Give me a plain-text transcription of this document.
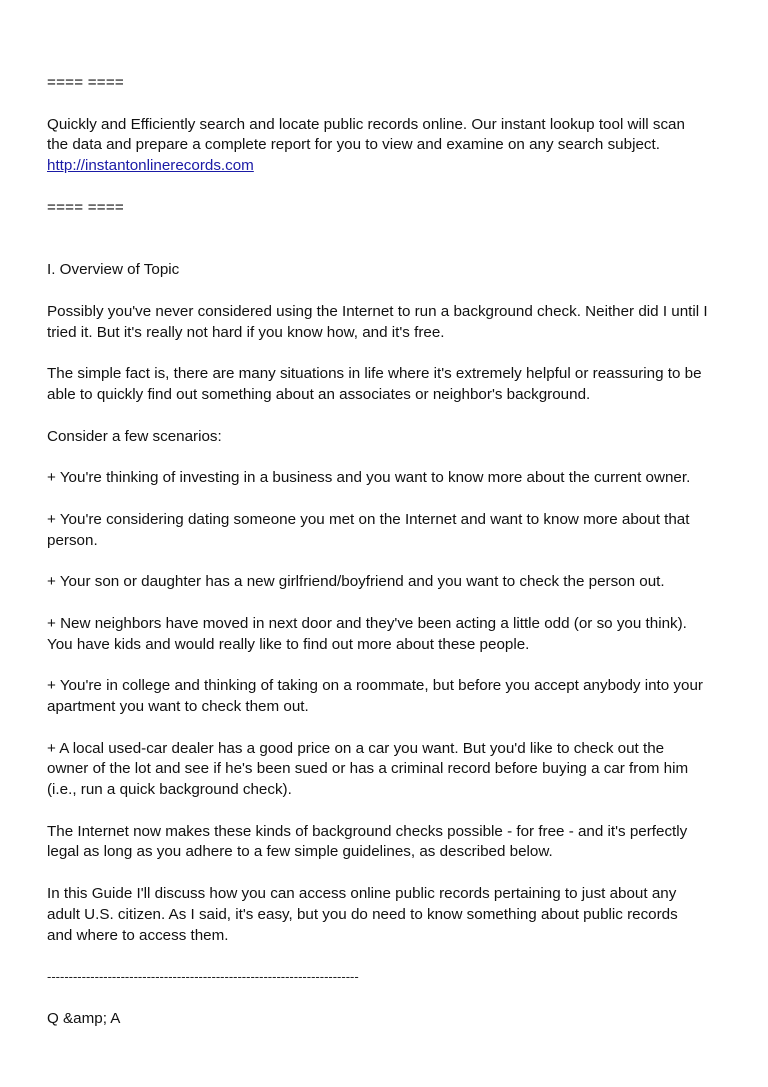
==== ====
Quickly and Efficiently search and locate public records online. Our instant lookup tool will scan
the data and prepare a complete report for you to view and examine on any search subject.
http://instantonlinerecords.com
==== ====
I. Overview of Topic
Possibly you've never considered using the Internet to run a background check. Neither did I until I
tried it. But it's really not hard if you know how, and it's free.
The simple fact is, there are many situations in life where it's extremely helpful or reassuring to be
able to quickly find out something about an associates or neighbor's background.
Consider a few scenarios:
+ You're thinking of investing in a business and you want to know more about the current owner.
+ You're considering dating someone you met on the Internet and want to know more about that
person.
+ Your son or daughter has a new girlfriend/boyfriend and you want to check the person out.
+ New neighbors have moved in next door and they've been acting a little odd (or so you think).
You have kids and would really like to find out more about these people.
+ You're in college and thinking of taking on a roommate, but before you accept anybody into your
apartment you want to check them out.
+ A local used-car dealer has a good price on a car you want. But you'd like to check out the
owner of the lot and see if he's been sued or has a criminal record before buying a car from him
(i.e., run a quick background check).
The Internet now makes these kinds of background checks possible - for free - and it's perfectly
legal as long as you adhere to a few simple guidelines, as described below.
In this Guide I'll discuss how you can access online public records pertaining to just about any
adult U.S. citizen. As I said, it's easy, but you do need to know something about public records
and where to access them.
------------------------------------------------------------------------
Q &amp; A
